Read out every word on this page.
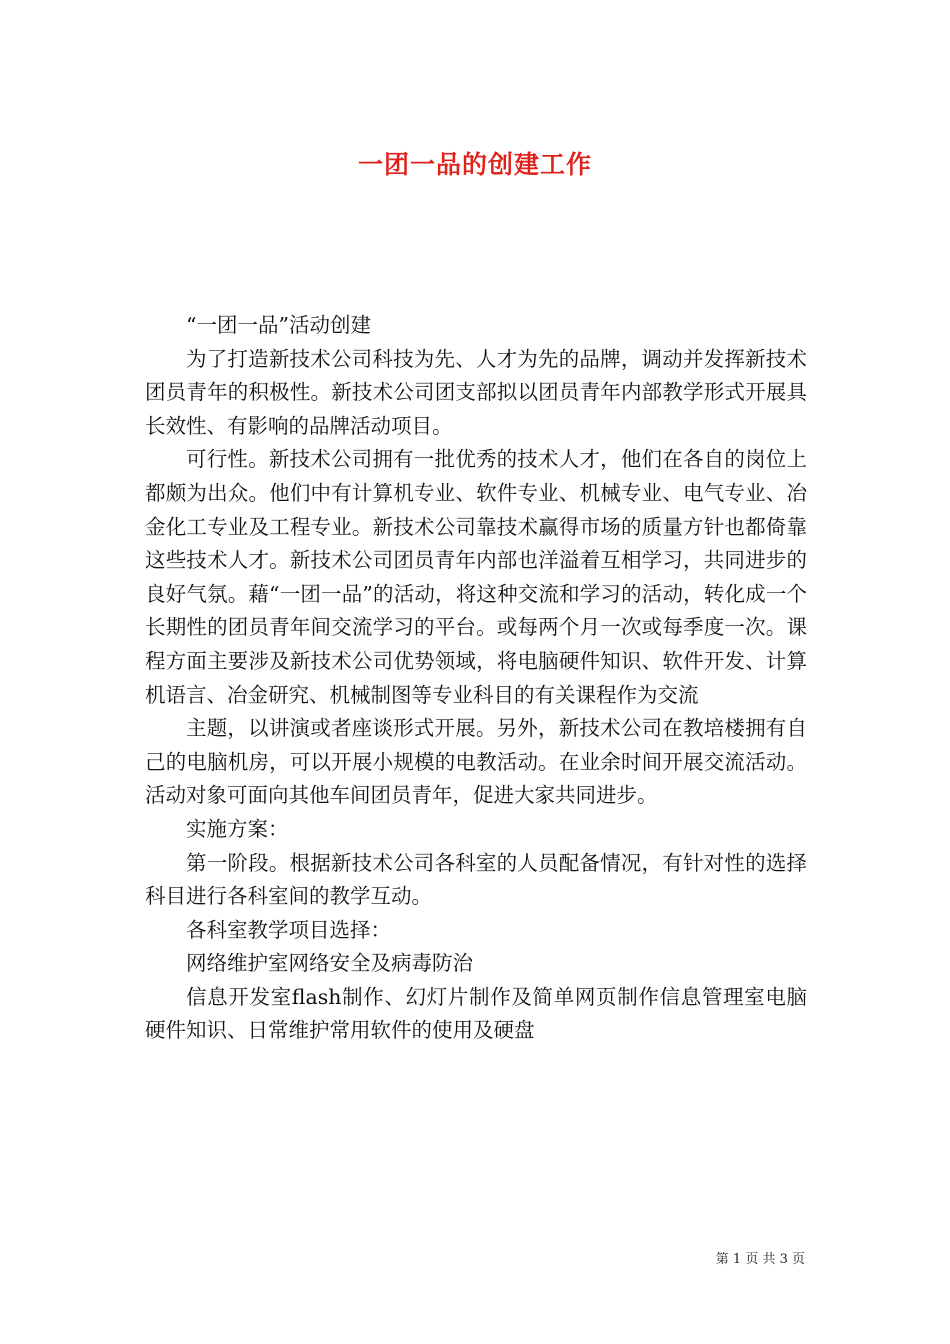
一团一品的创建工作

“一团一品”活动创建

为了打造新技术公司科技为先、人才为先的品牌，调动并发挥新技术团员青年的积极性。新技术公司团支部拟以团员青年内部教学形式开展具长效性、有影响的品牌活动项目。

可行性。新技术公司拥有一批优秀的技术人才，他们在各自的岗位上都颇为出众。他们中有计算机专业、软件专业、机械专业、电气专业、冶金化工专业及工程专业。新技术公司靠技术赢得市场的质量方针也都倚靠这些技术人才。新技术公司团员青年内部也洋溢着互相学习，共同进步的良好气氛。藉“一团一品”的活动，将这种交流和学习的活动，转化成一个长期性的团员青年间交流学习的平台。或每两个月一次或每季度一次。课程方面主要涉及新技术公司优势领域，将电脑硬件知识、软件开发、计算机语言、冶金研究、机械制图等专业科目的有关课程作为交流

主题，以讲演或者座谈形式开展。另外，新技术公司在教培楼拥有自己的电脑机房，可以开展小规模的电教活动。在业余时间开展交流活动。活动对象可面向其他车间团员青年，促进大家共同进步。

实施方案：

第一阶段。根据新技术公司各科室的人员配备情况，有针对性的选择科目进行各科室间的教学互动。

各科室教学项目选择：

网络维护室网络安全及病毒防治

信息开发室flash制作、幻灯片制作及简单网页制作信息管理室电脑硬件知识、日常维护常用软件的使用及硬盘

第 1 页 共 3 页
